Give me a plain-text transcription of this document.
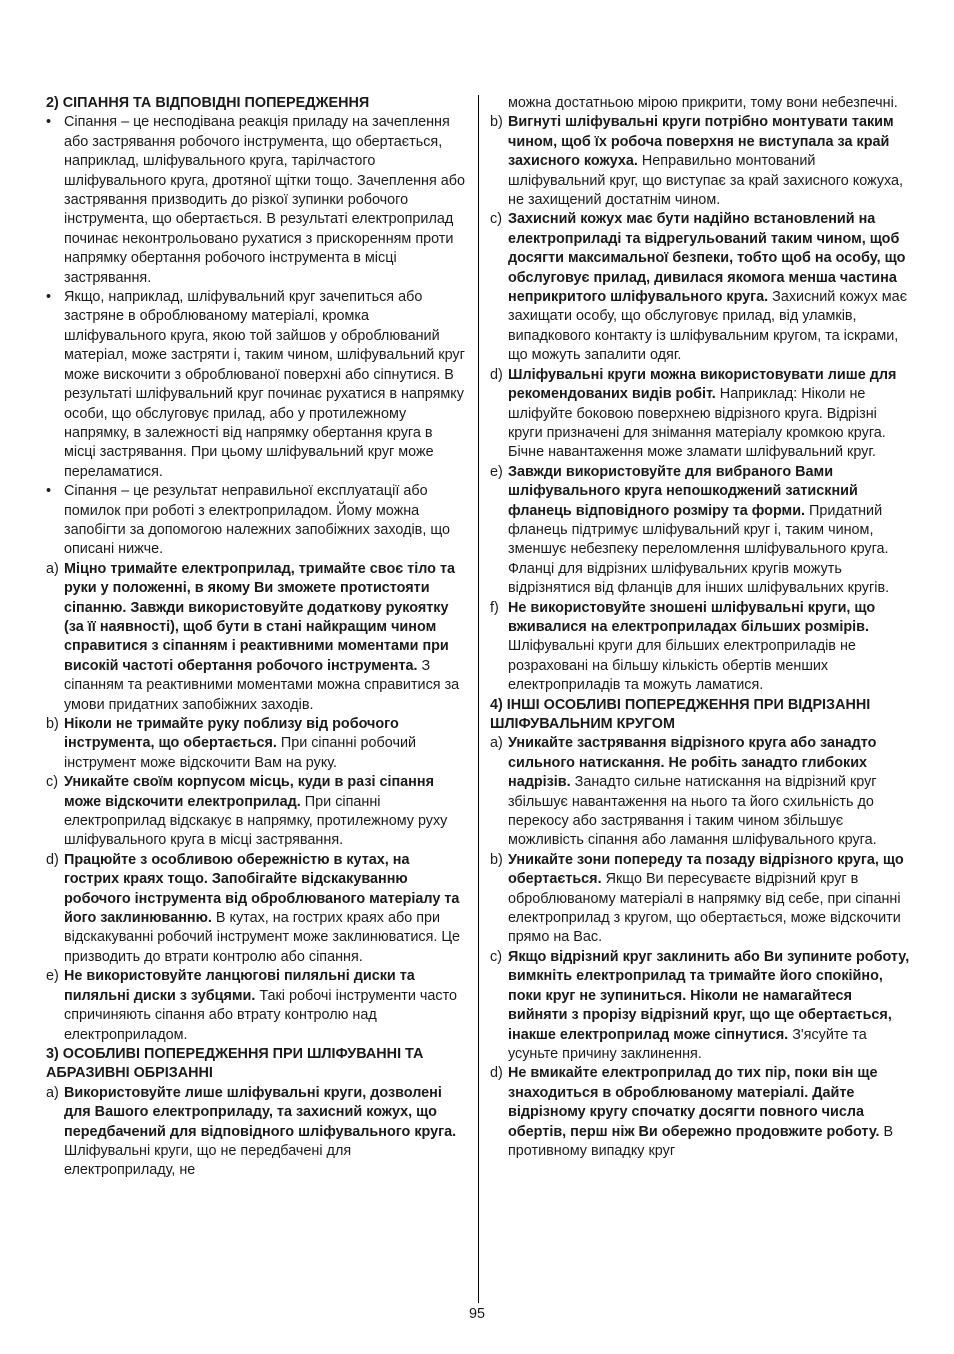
2) СІПАННЯ ТА ВІДПОВІДНІ ПОПЕРЕДЖЕННЯ

• Сіпання – це несподівана реакція приладу на зачеплення або застрявання робочого інструмента, що обертається, наприклад, шліфувального круга, тарілчастого шліфувального круга, дротяної щітки тощо. Зачеплення або застрявання призводить до різкої зупинки робочого інструмента, що обертається. В результаті електроприлад починає неконтрольовано рухатися з прискоренням проти напрямку обертання робочого інструмента в місці застрявання.

• Якщо, наприклад, шліфувальний круг зачепиться або застряне в оброблюваному матеріалі, кромка шліфувального круга, якою той зайшов у оброблюваний матеріал, може застряти і, таким чином, шліфувальний круг може вискочити з оброблюваної поверхні або сіпнутися. В результаті шліфувальний круг починає рухатися в напрямку особи, що обслуговує прилад, або у протилежному напрямку, в залежності від напрямку обертання круга в місці застрявання. При цьому шліфувальний круг може переламатися.

• Сіпання – це результат неправильної експлуатації або помилок при роботі з електроприладом. Йому можна запобігти за допомогою належних запобіжних заходів, що описані нижче.

a) Міцно тримайте електроприлад, тримайте своє тіло та руки у положенні, в якому Ви зможете протистояти сіпанню. Завжди використовуйте додаткову рукоятку (за її наявності), щоб бути в стані найкращим чином справитися з сіпанням і реактивними моментами при високій частоті обертання робочого інструмента. З сіпанням та реактивними моментами можна справитися за умови придатних запобіжних заходів.

b) Ніколи не тримайте руку поблизу від робочого інструмента, що обертається. При сіпанні робочий інструмент може відскочити Вам на руку.

c) Уникайте своїм корпусом місць, куди в разі сіпання може відскочити електроприлад. При сіпанні електроприлад відскакує в напрямку, протилежному руху шліфувального круга в місці застрявання.

d) Працюйте з особливою обережністю в кутах, на гострих краях тощо. Запобігайте відскакуванню робочого інструмента від оброблюваного матеріалу та його заклинюванню. В кутах, на гострих краях або при відскакуванні робочий інструмент може заклинюватися. Це призводить до втрати контролю або сіпання.

e) Не використовуйте ланцюгові пиляльні диски та пиляльні диски з зубцями. Такі робочі інструменти часто спричиняють сіпання або втрату контролю над електроприладом.

3) ОСОБЛИВІ ПОПЕРЕДЖЕННЯ ПРИ ШЛІФУВАННІ ТА АБРАЗИВНІ ОБРІЗАННІ

a) Використовуйте лише шліфувальні круги, дозволені для Вашого електроприладу, та захисний кожух, що передбачений для відповідного шліфувального круга. Шліфувальні круги, що не передбачені для електроприладу, не

можна достатньою мірою прикрити, тому вони небезпечні.

b) Вигнуті шліфувальні круги потрібно монтувати таким чином, щоб їх робоча поверхня не виступала за край захисного кожуха. Неправильно монтований шліфувальний круг, що виступає за край захисного кожуха, не захищений достатнім чином.

c) Захисний кожух має бути надійно встановлений на електроприладі та відрегульований таким чином, щоб досягти максимальної безпеки, тобто щоб на особу, що обслуговує прилад, дивилася якомога менша частина неприкритого шліфувального круга. Захисний кожух має захищати особу, що обслуговує прилад, від уламків, випадкового контакту із шліфувальним кругом, та іскрами, що можуть запалити одяг.

d) Шліфувальні круги можна використовувати лише для рекомендованих видів робіт. Наприклад: Ніколи не шліфуйте боковою поверхнею відрізного круга. Відрізні круги призначені для знімання матеріалу кромкою круга. Бічне навантаження може зламати шліфувальний круг.

e) Завжди використовуйте для вибраного Вами шліфувального круга непошкоджений затискний фланець відповідного розміру та форми. Придатний фланець підтримує шліфувальний круг і, таким чином, зменшує небезпеку переломлення шліфувального круга. Фланці для відрізних шліфувальних кругів можуть відрізнятися від фланців для інших шліфувальних кругів.

f) Не використовуйте зношені шліфувальні круги, що вживалися на електроприладах більших розмірів. Шліфувальні круги для більших електроприладів не розраховані на більшу кількість обертів менших електроприладів та можуть ламатися.

4) ІНШІ ОСОБЛИВІ ПОПЕРЕДЖЕННЯ ПРИ ВІДРІЗАННІ ШЛІФУВАЛЬНИМ КРУГОМ

a) Уникайте застрявання відрізного круга або занадто сильного натискання. Не робіть занадто глибоких надрізів. Занадто сильне натискання на відрізний круг збільшує навантаження на нього та його схильність до перекосу або застрявання і таким чином збільшує можливість сіпання або ламання шліфувального круга.

b) Уникайте зони попереду та позаду відрізного круга, що обертається. Якщо Ви пересуваєте відрізний круг в оброблюваному матеріалі в напрямку від себе, при сіпанні електроприлад з кругом, що обертається, може відскочити прямо на Вас.

c) Якщо відрізний круг заклинить або Ви зупините роботу, вимкніть електроприлад та тримайте його спокійно, поки круг не зупиниться. Ніколи не намагайтеся вийняти з прорізу відрізний круг, що ще обертається, інакше електроприлад може сіпнутися. З'ясуйте та усуньте причину заклинення.

d) Не вмикайте електроприлад до тих пір, поки він ще знаходиться в оброблюваному матеріалі. Дайте відрізному кругу спочатку досягти повного числа обертів, перш ніж Ви обережно продовжите роботу. В противному випадку круг

95
